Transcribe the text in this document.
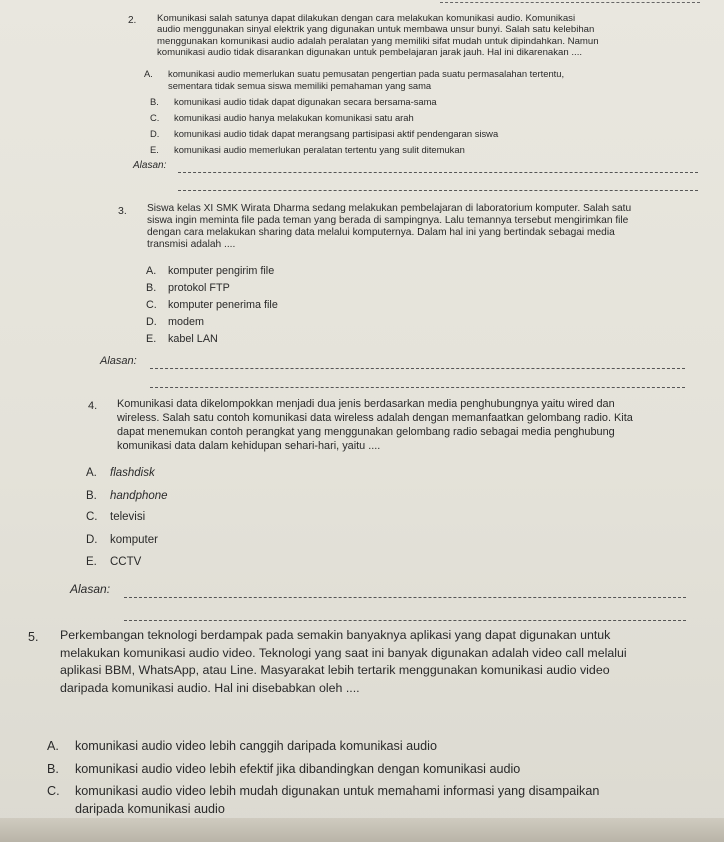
2. Komunikasi salah satunya dapat dilakukan dengan cara melakukan komunikasi audio. Komunikasi
audio menggunakan sinyal elektrik yang digunakan untuk membawa unsur bunyi. Salah satu kelebihan
menggunakan komunikasi audio adalah peralatan yang memiliki sifat mudah untuk dipindahkan. Namun
komunikasi audio tidak disarankan digunakan untuk pembelajaran jarak jauh. Hal ini dikarenakan ....
A. komunikasi audio memerlukan suatu pemusatan pengertian pada suatu permasalahan tertentu,
sementara tidak semua siswa memiliki pemahaman yang sama
B. komunikasi audio tidak dapat digunakan secara bersama-sama
C. komunikasi audio hanya melakukan komunikasi satu arah
D. komunikasi audio tidak dapat merangsang partisipasi aktif pendengaran siswa
E. komunikasi audio memerlukan peralatan tertentu yang sulit ditemukan
Alasan:
3. Siswa kelas XI SMK Wirata Dharma sedang melakukan pembelajaran di laboratorium komputer. Salah satu
siswa ingin meminta file pada teman yang berada di sampingnya. Lalu temannya tersebut mengirimkan file
dengan cara melakukan sharing data melalui komputernya. Dalam hal ini yang bertindak sebagai media
transmisi adalah ....
A. komputer pengirim file
B. protokol FTP
C. komputer penerima file
D. modem
E. kabel LAN
Alasan:
4. Komunikasi data dikelompokkan menjadi dua jenis berdasarkan media penghubungnya yaitu wired dan
wireless. Salah satu contoh komunikasi data wireless adalah dengan memanfaatkan gelombang radio. Kita
dapat menemukan contoh perangkat yang menggunakan gelombang radio sebagai media penghubung
komunikasi data dalam kehidupan sehari-hari, yaitu ....
A. flashdisk
B. handphone
C. televisi
D. komputer
E. CCTV
Alasan:
5. Perkembangan teknologi berdampak pada semakin banyaknya aplikasi yang dapat digunakan untuk
melakukan komunikasi audio video. Teknologi yang saat ini banyak digunakan adalah video call melalui
aplikasi BBM, WhatsApp, atau Line. Masyarakat lebih tertarik menggunakan komunikasi audio video
daripada komunikasi audio. Hal ini disebabkan oleh ....
A. komunikasi audio video lebih canggih daripada komunikasi audio
B. komunikasi audio video lebih efektif jika dibandingkan dengan komunikasi audio
C. komunikasi audio video lebih mudah digunakan untuk memahami informasi yang disampaikan
daripada komunikasi audio
